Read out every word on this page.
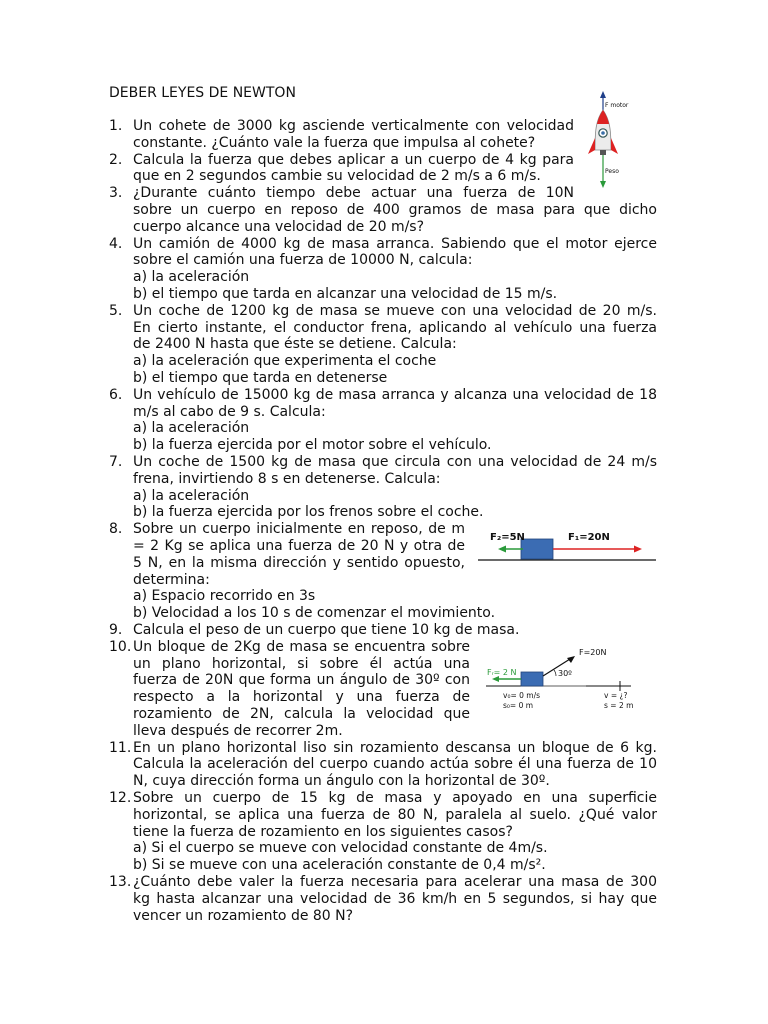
DEBER LEYES DE NEWTON
1. Un cohete de 3000 kg asciende verticalmente con velocidad
constante. ¿Cuánto vale la fuerza que impulsa al cohete?
2. Calcula la fuerza que debes aplicar a un cuerpo de 4 kg para
que en 2 segundos cambie su velocidad de 2 m/s a 6 m/s.
3. ¿Durante cuánto tiempo debe actuar una fuerza de 10N
sobre un cuerpo en reposo de 400 gramos de masa para que dicho
cuerpo alcance una velocidad de 20 m/s?
4. Un camión de 4000 kg de masa arranca. Sabiendo que el motor ejerce
sobre el camión una fuerza de 10000 N, calcula:
a) la aceleración
b) el tiempo que tarda en alcanzar una velocidad de 15 m/s.
5. Un coche de 1200 kg de masa se mueve con una velocidad de 20 m/s.
En cierto instante, el conductor frena, aplicando al vehículo una fuerza
de 2400 N hasta que éste se detiene. Calcula:
a) la aceleración que experimenta el coche
b) el tiempo que tarda en detenerse
6. Un vehículo de 15000 kg de masa arranca y alcanza una velocidad de 18
m/s al cabo de 9 s. Calcula:
a) la aceleración
b) la fuerza ejercida por el motor sobre el vehículo.
7. Un coche de 1500 kg de masa que circula con una velocidad de 24 m/s
frena, invirtiendo 8 s en detenerse. Calcula:
a) la aceleración
b) la fuerza ejercida por los frenos sobre el coche.
8. Sobre un cuerpo inicialmente en reposo, de m
= 2 Kg se aplica una fuerza de 20 N y otra de
5 N, en la misma dirección y sentido opuesto,
determina:
a) Espacio recorrido en 3s
b) Velocidad a los 10 s de comenzar el movimiento.
9. Calcula el peso de un cuerpo que tiene 10 kg de masa.
10. Un bloque de 2Kg de masa se encuentra sobre
un plano horizontal, si sobre él actúa una
fuerza de 20N que forma un ángulo de 30º con
respecto a la horizontal y una fuerza de
rozamiento de 2N, calcula la velocidad que
lleva después de recorrer 2m.
11. En un plano horizontal liso sin rozamiento descansa un bloque de 6 kg.
Calcula la aceleración del cuerpo cuando actúa sobre él una fuerza de 10
N, cuya dirección forma un ángulo con la horizontal de 30º.
12. Sobre un cuerpo de 15 kg de masa y apoyado en una superficie
horizontal, se aplica una fuerza de 80 N, paralela al suelo. ¿Qué valor
tiene la fuerza de rozamiento en los siguientes casos?
a) Si el cuerpo se mueve con velocidad constante de 4m/s.
b) Si se mueve con una aceleración constante de 0,4 m/s².
13. ¿Cuánto debe valer la fuerza necesaria para acelerar una masa de 300
kg hasta alcanzar una velocidad de 36 km/h en 5 segundos, si hay que
vencer un rozamiento de 80 N?
F motor
Peso
F₂=5N	F₁=20N
F=20N
30º
Fᵣ= 2 N
v₀= 0 m/s
s₀= 0 m
v = ¿?
s = 2 m
